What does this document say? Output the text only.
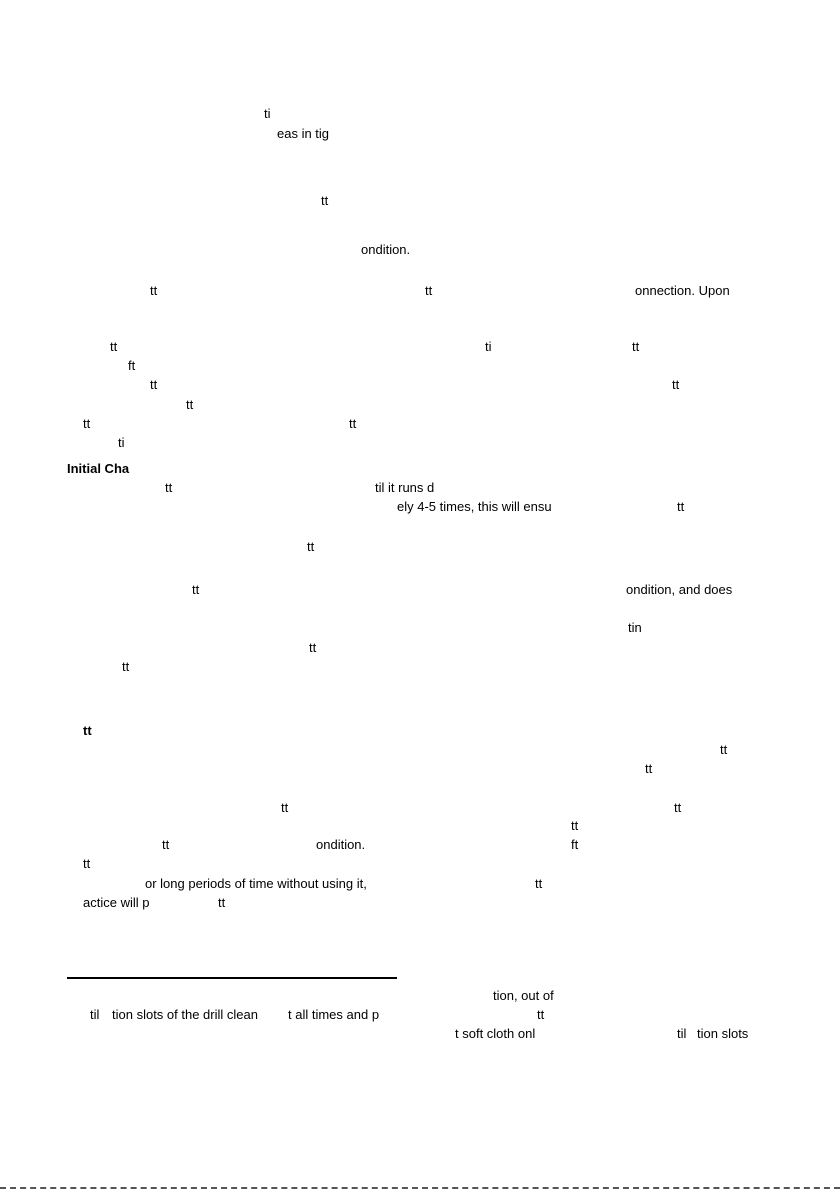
ti
eas in tig
tt
ondition.
tt	tt	onnection. Upon
tt	ti	tt
ft
tt	tt
tt
tt	tt
ti
Initial Cha
tt	til it runs d
ely 4-5 times, this will ensu	tt
tt
tt	ondition, and does
tin
tt
tt
tt
tt
tt
tt	tt
tt
tt	ondition.	ft
tt
or long periods of time without using it,	tt
actice will p	tt
tion, out of
til tion slots of the drill clean t all times and p	tt
t soft cloth onl	til tion slots
